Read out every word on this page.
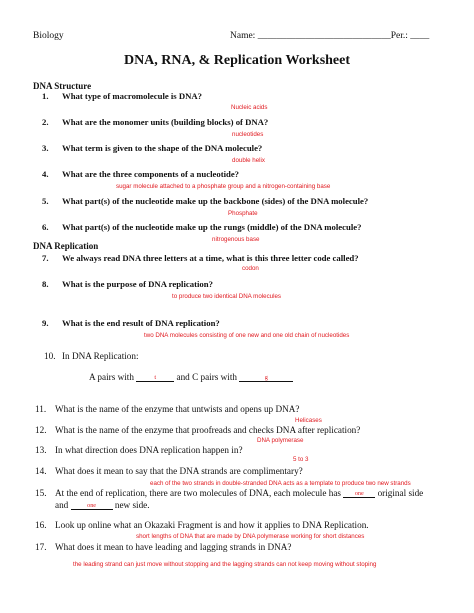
Biology	Name: ____________________________Per.: ____
DNA, RNA, & Replication Worksheet
DNA Structure
1. What type of macromolecule is DNA?
Nucleic acids
2. What are the monomer units (building blocks) of DNA?
nucleotides
3. What term is given to the shape of the DNA molecule?
double helix
4. What are the three components of a nucleotide?
sugar molecule attached to a phosphate group and a nitrogen-containing base
5. What part(s) of the nucleotide make up the backbone (sides) of the DNA molecule?
Phosphate
6. What part(s) of the nucleotide make up the rungs (middle) of the DNA molecule?
nitrogenous base
DNA Replication
7. We always read DNA three letters at a time, what is this three letter code called?
codon
8. What is the purpose of DNA replication?
to produce two identical DNA molecules
9. What is the end result of DNA replication?
two DNA molecules consisting of one new and one old chain of nucleotides
10. In DNA Replication:
A pairs with	t and C pairs with	g
11. What is the name of the enzyme that untwists and opens up DNA?
Helicases
12. What is the name of the enzyme that proofreads and checks DNA after replication?
DNA polymerase
13. In what direction does DNA replication happen in?
5 to 3
14. What does it mean to say that the DNA strands are complimentary?
each of the two strands in double-stranded DNA acts as a template to produce two new strands
15. At the end of replication, there are two molecules of DNA, each molecule has one original side
and	one new side.
16. Look up online what an Okazaki Fragment is and how it applies to DNA Replication.
short lengths of DNA that are made by DNA polymerase working for short distances
17. What does it mean to have leading and lagging strands in DNA?
the leading strand can just move without stopping and the lagging strands can not keep moving without stoping
